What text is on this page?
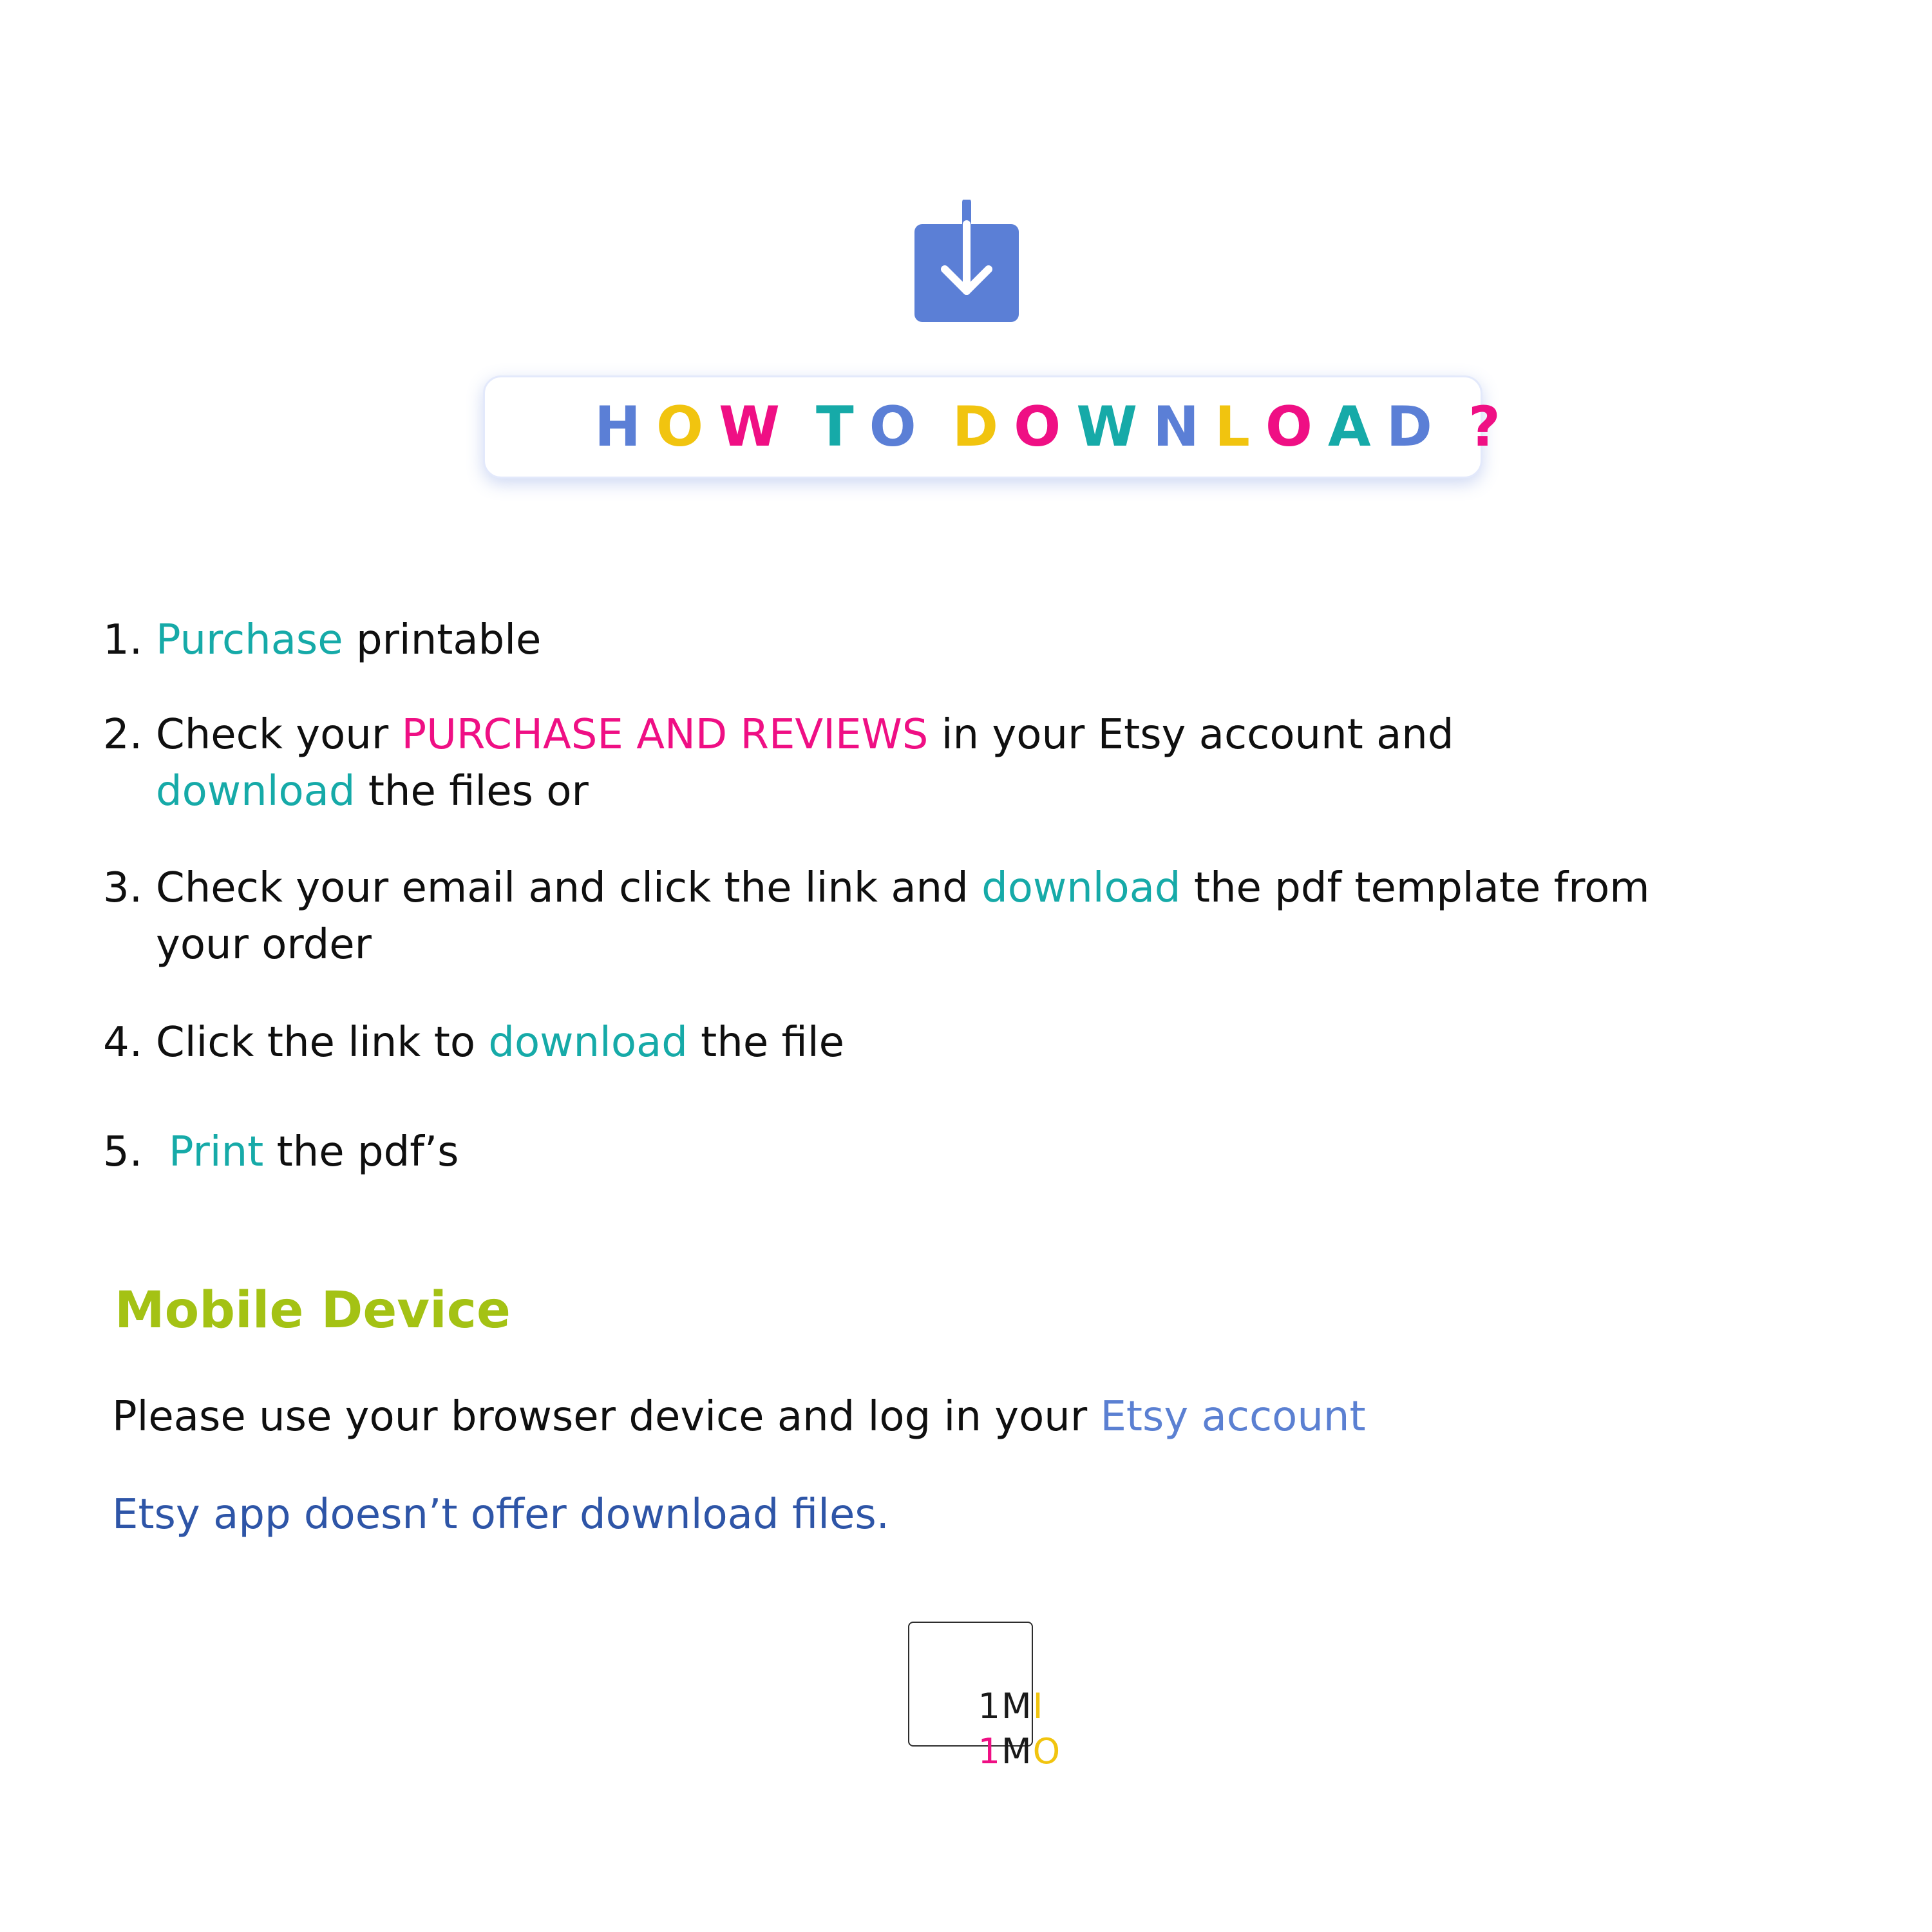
H O W
T O
D O W N L O A D
?
1. Purchase printable
2. Check your PURCHASE AND REVIEWS in your Etsy account and
download the files or
3. Check your email and click the link and download the pdf template from
your order
4. Click the link to download the file
5. Print the pdf’s
Mobile Device
Please use your browser device and log in your Etsy account
Etsy app doesn’t offer download files.

1MI

1MO
